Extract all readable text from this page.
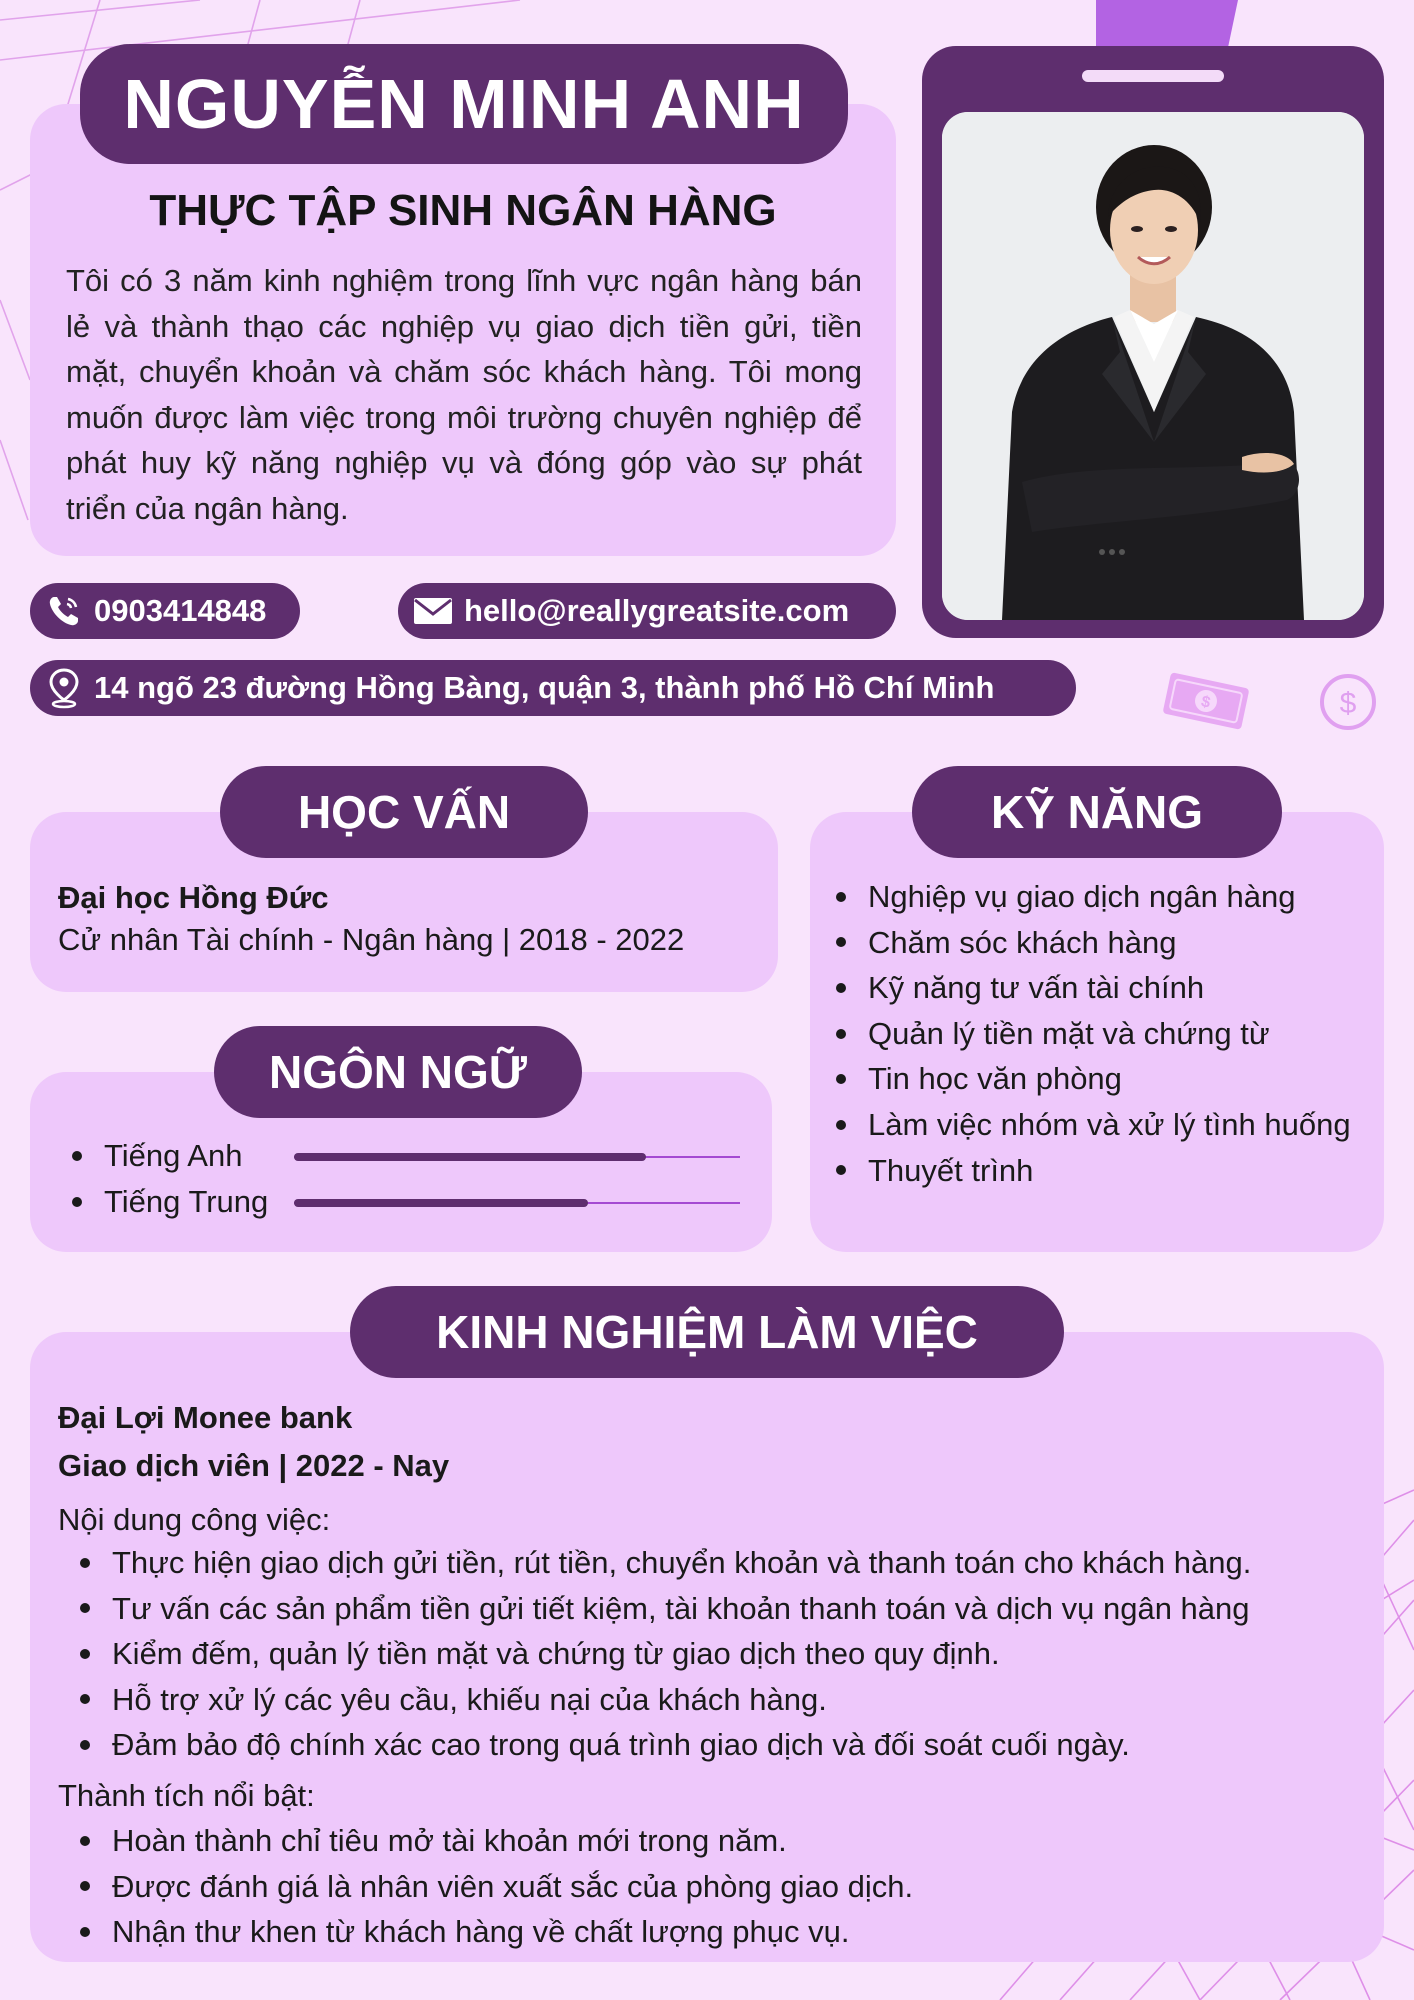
NGUYỄN MINH ANH
THỰC TẬP SINH NGÂN HÀNG

Tôi có 3 năm kinh nghiệm trong lĩnh vực ngân hàng bán lẻ và thành thạo các nghiệp vụ giao dịch tiền gửi, tiền mặt, chuyển khoản và chăm sóc khách hàng. Tôi mong muốn được làm việc trong môi trường chuyên nghiệp để phát huy kỹ năng nghiệp vụ và đóng góp vào sự phát triển của ngân hàng.

0903414848	hello@reallygreatsite.com
14 ngõ 23 đường Hồng Bàng, quận 3, thành phố Hồ Chí Minh	$	$
HỌC VẤN
Đại học Hồng Đức
Cử nhân Tài chính - Ngân hàng | 2018 - 2022
NGÔN NGỮ
Tiếng Anh
Tiếng Trung
KỸ NĂNG
Nghiệp vụ giao dịch ngân hàng
Chăm sóc khách hàng
Kỹ năng tư vấn tài chính
Quản lý tiền mặt và chứng từ
Tin học văn phòng
Làm việc nhóm và xử lý tình huống
Thuyết trình
KINH NGHIỆM LÀM VIỆC
Đại Lợi Monee bank
Giao dịch viên | 2022 - Nay
Nội dung công việc:
Thực hiện giao dịch gửi tiền, rút tiền, chuyển khoản và thanh toán cho khách hàng.
Tư vấn các sản phẩm tiền gửi tiết kiệm, tài khoản thanh toán và dịch vụ ngân hàng
Kiểm đếm, quản lý tiền mặt và chứng từ giao dịch theo quy định.
Hỗ trợ xử lý các yêu cầu, khiếu nại của khách hàng.
Đảm bảo độ chính xác cao trong quá trình giao dịch và đối soát cuối ngày.
Thành tích nổi bật:
Hoàn thành chỉ tiêu mở tài khoản mới trong năm.
Được đánh giá là nhân viên xuất sắc của phòng giao dịch.
Nhận thư khen từ khách hàng về chất lượng phục vụ.
